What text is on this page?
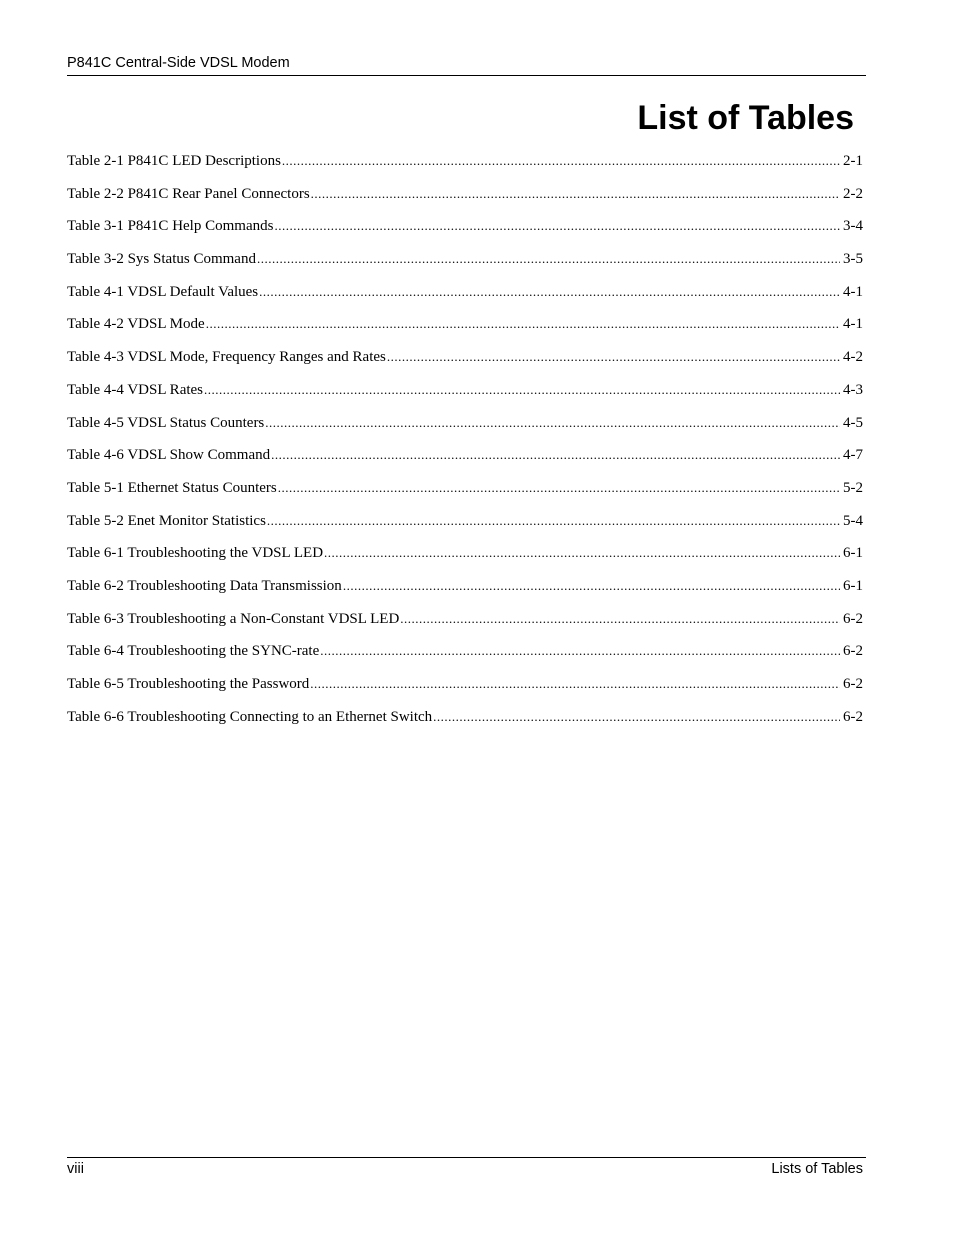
P841C Central-Side VDSL Modem
List of Tables
Table 2-1 P841C LED Descriptions .....	2-1
Table 2-2 P841C Rear Panel Connectors .....	2-2
Table 3-1 P841C Help Commands .....	3-4
Table 3-2 Sys Status Command .....	3-5
Table 4-1 VDSL Default Values .....	4-1
Table 4-2 VDSL Mode .....	4-1
Table 4-3 VDSL Mode, Frequency Ranges and Rates .....	4-2
Table 4-4 VDSL Rates .....	4-3
Table 4-5 VDSL Status Counters .....	4-5
Table 4-6 VDSL Show Command .....	4-7
Table 5-1 Ethernet Status Counters .....	5-2
Table 5-2 Enet Monitor Statistics .....	5-4
Table 6-1 Troubleshooting the VDSL LED .....	6-1
Table 6-2 Troubleshooting Data Transmission .....	6-1
Table 6-3 Troubleshooting a Non-Constant VDSL LED .....	6-2
Table 6-4 Troubleshooting the SYNC-rate .....	6-2
Table 6-5 Troubleshooting the Password .....	6-2
Table 6-6 Troubleshooting Connecting to an Ethernet Switch .....	6-2
viii	Lists of Tables
